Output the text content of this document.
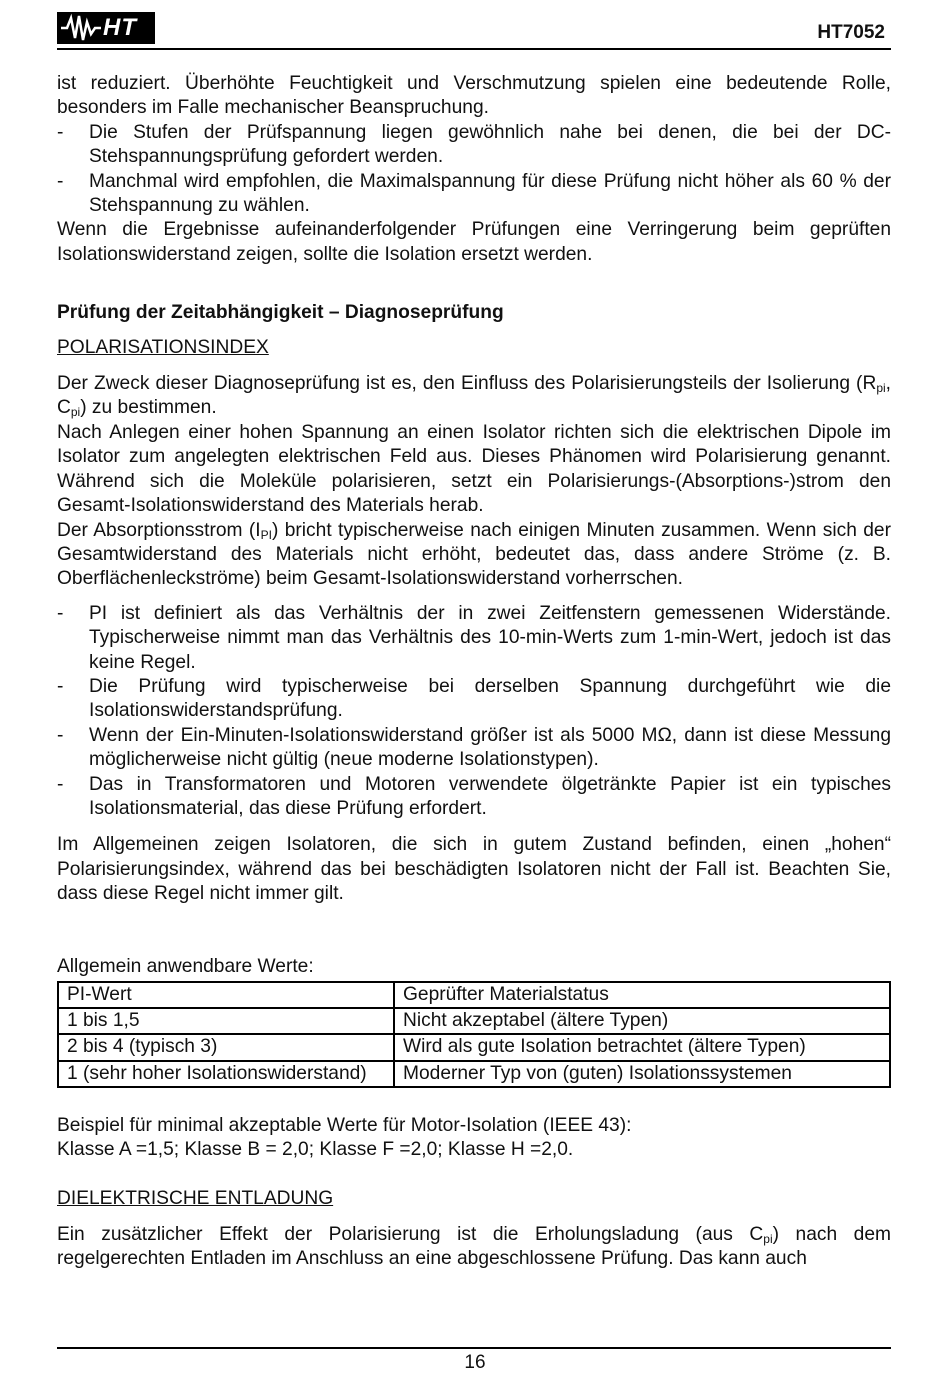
HT	HT7052

ist reduziert. Überhöhte Feuchtigkeit und Verschmutzung spielen eine bedeutende Rolle, besonders im Falle mechanischer Beanspruchung.

- Die Stufen der Prüfspannung liegen gewöhnlich nahe bei denen, die bei der DC-Stehspannungsprüfung gefordert werden.
- Manchmal wird empfohlen, die Maximalspannung für diese Prüfung nicht höher als 60 % der Stehspannung zu wählen.

Wenn die Ergebnisse aufeinanderfolgender Prüfungen eine Verringerung beim geprüften Isolationswiderstand zeigen, sollte die Isolation ersetzt werden.

Prüfung der Zeitabhängigkeit – Diagnoseprüfung

POLARISATIONSINDEX

Der Zweck dieser Diagnoseprüfung ist es, den Einfluss des Polarisierungsteils der Isolierung ($R_{pi}$, $C_{pi}$) zu bestimmen.

Nach Anlegen einer hohen Spannung an einen Isolator richten sich die elektrischen Dipole im Isolator zum angelegten elektrischen Feld aus. Dieses Phänomen wird Polarisierung genannt. Während sich die Moleküle polarisieren, setzt ein Polarisierungs-(Absorptions-)strom den Gesamt-Isolationswiderstand des Materials herab.

Der Absorptionsstrom $(I_{PI})$ bricht typischerweise nach einigen Minuten zusammen. Wenn sich der Gesamtwiderstand des Materials nicht erhöht, bedeutet das, dass andere Ströme (z. B. Oberflächenleckströme) beim Gesamt-Isolationswiderstand vorherrschen.

- PI ist definiert als das Verhältnis der in zwei Zeitfenstern gemessenen Widerstände. Typischerweise nimmt man das Verhältnis des 10-min-Werts zum 1-min-Wert, jedoch ist das keine Regel.
- Die Prüfung wird typischerweise bei derselben Spannung durchgeführt wie die Isolationswiderstandsprüfung.
- Wenn der Ein-Minuten-Isolationswiderstand größer ist als 5000 MΩ, dann ist diese Messung möglicherweise nicht gültig (neue moderne Isolationstypen).
- Das in Transformatoren und Motoren verwendete ölgetränkte Papier ist ein typisches Isolationsmaterial, das diese Prüfung erfordert.

Im Allgemeinen zeigen Isolatoren, die sich in gutem Zustand befinden, einen „hohen“ Polarisierungsindex, während das bei beschädigten Isolatoren nicht der Fall ist. Beachten Sie, dass diese Regel nicht immer gilt.

Allgemein anwendbare Werte:

PI-Wert	Geprüfter Materialstatus
1 bis 1,5	Nicht akzeptabel (ältere Typen)
2 bis 4 (typisch 3)	Wird als gute Isolation betrachtet (ältere Typen)
1 (sehr hoher Isolationswiderstand)	Moderner Typ von (guten) Isolationssystemen

Beispiel für minimal akzeptable Werte für Motor-Isolation (IEEE 43):

Klasse A =1,5; Klasse B = 2,0; Klasse F =2,0; Klasse H =2,0.

DIELEKTRISCHE ENTLADUNG

Ein zusätzlicher Effekt der Polarisierung ist die Erholungsladung (aus $C_{pi}$) nach dem regelgerechten Entladen im Anschluss an eine abgeschlossene Prüfung. Das kann auch

16
